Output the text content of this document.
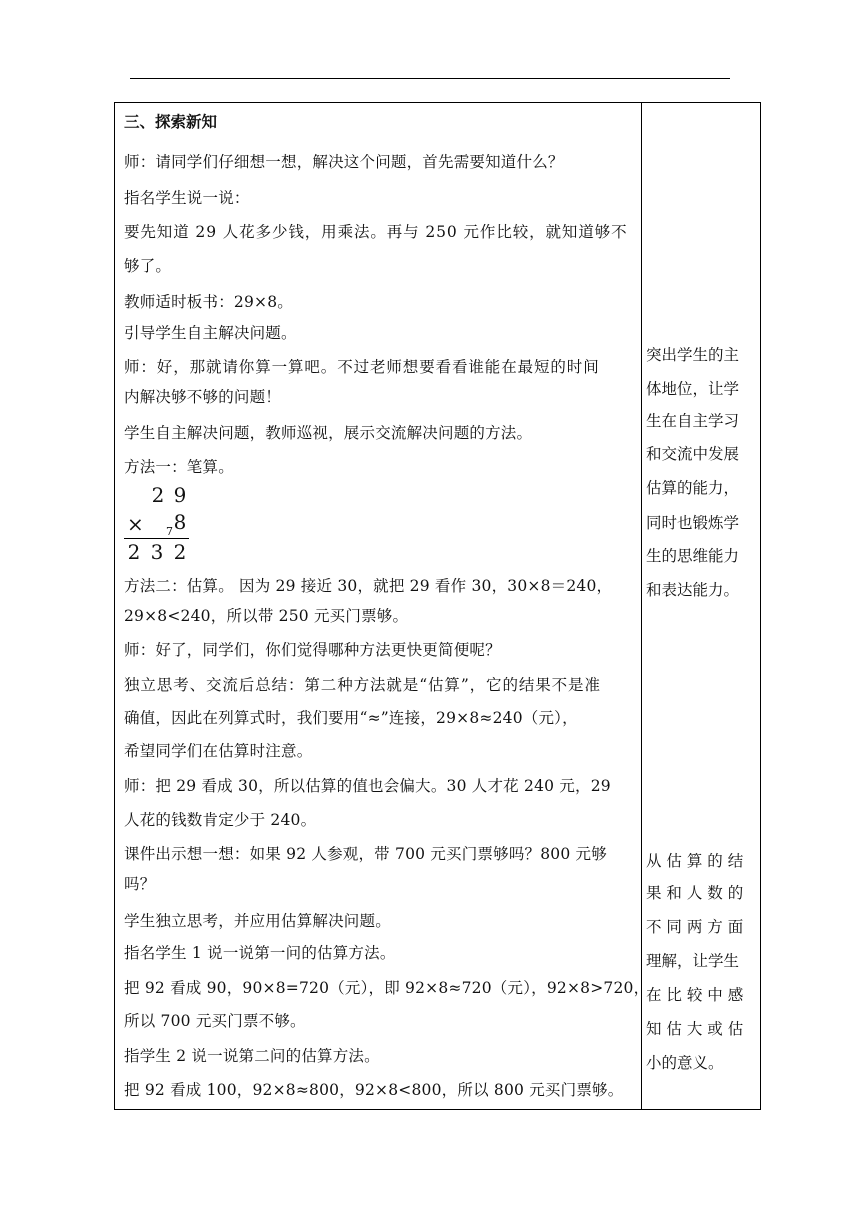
三、探索新知
师：请同学们仔细想一想，解决这个问题，首先需要知道什么？
指名学生说一说：
要先知道 29 人花多少钱，用乘法。再与 250 元作比较，就知道够不
够了。
教师适时板书：29×8。
引导学生自主解决问题。
师：好，那就请你算一算吧。不过老师想要看看谁能在最短的时间
内解决够不够的问题！
学生自主解决问题，教师巡视，展示交流解决问题的方法。
方法一：笔算。
2 9
× 7 8
2 3 2
方法二：估算。 因为 29 接近 30，就把 29 看作 30，30×8＝240，
29×8<240，所以带 250 元买门票够。
师：好了，同学们，你们觉得哪种方法更快更简便呢？
独立思考、交流后总结：第二种方法就是“估算”，它的结果不是准
确值，因此在列算式时，我们要用“≈”连接，29×8≈240（元），
希望同学们在估算时注意。
师：把 29 看成 30，所以估算的值也会偏大。30 人才花 240 元，29
人花的钱数肯定少于 240。
课件出示想一想：如果 92 人参观，带 700 元买门票够吗？800 元够
吗？
学生独立思考，并应用估算解决问题。
指名学生 1 说一说第一问的估算方法。
把 92 看成 90，90×8=720（元），即 92×8≈720（元），92×8>720，
所以 700 元买门票不够。
指学生 2 说一说第二问的估算方法。
把 92 看成 100，92×8≈800，92×8<800，所以 800 元买门票够。
突出学生的主
体地位，让学
生在自主学习
和交流中发展
估算的能力，
同时也锻炼学
生的思维能力
和表达能力。
从 估 算 的 结
果 和 人 数 的
不 同 两 方 面
理解，让学生
在 比 较 中 感
知 估 大 或 估
小的意义。
